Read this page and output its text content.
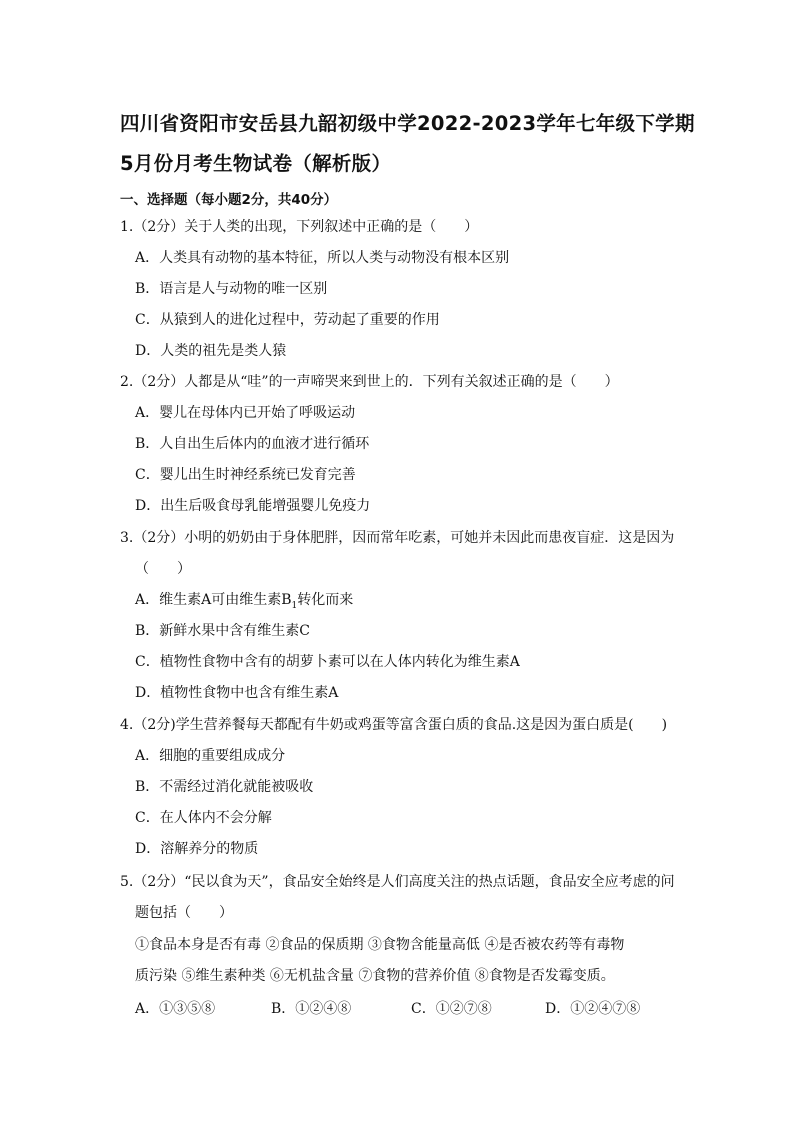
四川省资阳市安岳县九韶初级中学2022-2023学年七年级下学期
5月份月考生物试卷（解析版）
一、选择题（每小题2分，共40分）
1.（2分）关于人类的出现，下列叙述中正确的是（　　）
A．人类具有动物的基本特征，所以人类与动物没有根本区别
B．语言是人与动物的唯一区别
C．从猿到人的进化过程中，劳动起了重要的作用
D．人类的祖先是类人猿
2.（2分）人都是从“哇”的一声啼哭来到世上的．下列有关叙述正确的是（　　）
A．婴儿在母体内已开始了呼吸运动
B．人自出生后体内的血液才进行循环
C．婴儿出生时神经系统已发育完善
D．出生后吸食母乳能增强婴儿免疫力
3.（2分）小明的奶奶由于身体肥胖，因而常年吃素，可她并未因此而患夜盲症．这是因为
（　　）
A．维生素A可由维生素$B_1$转化而来
B．新鲜水果中含有维生素C
C．植物性食物中含有的胡萝卜素可以在人体内转化为维生素A
D．植物性食物中也含有维生素A
4.（2分)学生营养餐每天都配有牛奶或鸡蛋等富含蛋白质的食品.这是因为蛋白质是(　　)
A．细胞的重要组成成分
B．不需经过消化就能被吸收
C．在人体内不会分解
D．溶解养分的物质
5.（2分）“民以食为天”，食品安全始终是人们高度关注的热点话题，食品安全应考虑的问
题包括（　　）
①食品本身是否有毒 ②食品的保质期 ③食物含能量高低 ④是否被农药等有毒物
质污染 ⑤维生素种类 ⑥无机盐含量 ⑦食物的营养价值 ⑧食物是否发霉变质。
A．①③⑤⑧	B．①②④⑧	C．①②⑦⑧	D．①②④⑦⑧
